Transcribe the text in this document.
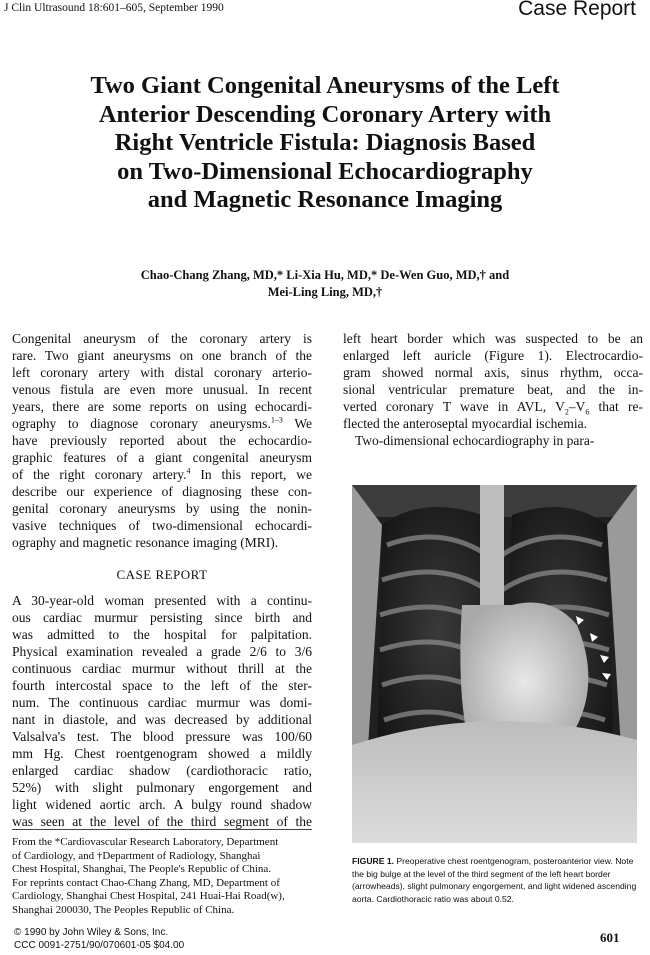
J Clin Ultrasound 18:601–605, September 1990	Case Report
Two Giant Congenital Aneurysms of the Left
Anterior Descending Coronary Artery with
Right Ventricle Fistula: Diagnosis Based
on Two-Dimensional Echocardiography
and Magnetic Resonance Imaging
Chao-Chang Zhang, MD,* Li-Xia Hu, MD,* De-Wen Guo, MD,† and
Mei-Ling Ling, MD,†
Congenital aneurysm of the coronary artery is
rare. Two giant aneurysms on one branch of the
left coronary artery with distal coronary arterio-
venous fistula are even more unusual. In recent
years, there are some reports on using echocardi-
ography to diagnose coronary aneurysms.$^{1-3}$ We
have previously reported about the echocardio-
graphic features of a giant congenital aneurysm
of the right coronary artery.$^4$ In this report, we
describe our experience of diagnosing these con-
genital coronary aneurysms by using the nonin-
vasive techniques of two-dimensional echocardi-
ography and magnetic resonance imaging (MRI).
CASE REPORT
A 30-year-old woman presented with a continu-
ous cardiac murmur persisting since birth and
was admitted to the hospital for palpitation.
Physical examination revealed a grade 2/6 to 3/6
continuous cardiac murmur without thrill at the
fourth intercostal space to the left of the ster-
num. The continuous cardiac murmur was domi-
nant in diastole, and was decreased by additional
Valsalva's test. The blood pressure was 100/60
mm Hg. Chest roentgenogram showed a mildly
enlarged cardiac shadow (cardiothoracic ratio,
52%) with slight pulmonary engorgement and
light widened aortic arch. A bulgy round shadow
was seen at the level of the third segment of the
left heart border which was suspected to be an
enlarged left auricle (Figure 1). Electrocardio-
gram showed normal axis, sinus rhythm, occa-
sional ventricular premature beat, and the in-
verted coronary T wave in AVL, $V_2-V_6$ that re-
flected the anteroseptal myocardial ischemia.
Two-dimensional echocardiography in para-
FIGURE 1. Preoperative chest roentgenogram, posteroanterior view. Note the big bulge at the level of the third segment of the left heart border (arrowheads), slight pulmonary engorgement, and light widened ascending aorta. Cardiothoracic ratio was about 0.52.
From the *Cardiovascular Research Laboratory, Department
of Cardiology, and †Department of Radiology, Shanghai
Chest Hospital, Shanghai, The People's Republic of China.
For reprints contact Chao-Chang Zhang, MD, Department of
Cardiology, Shanghai Chest Hospital, 241 Huai-Hai Road(w),
Shanghai 200030, The Peoples Republic of China.
© 1990 by John Wiley & Sons, Inc.
CCC 0091-2751/90/070601-05 $04.00
601
